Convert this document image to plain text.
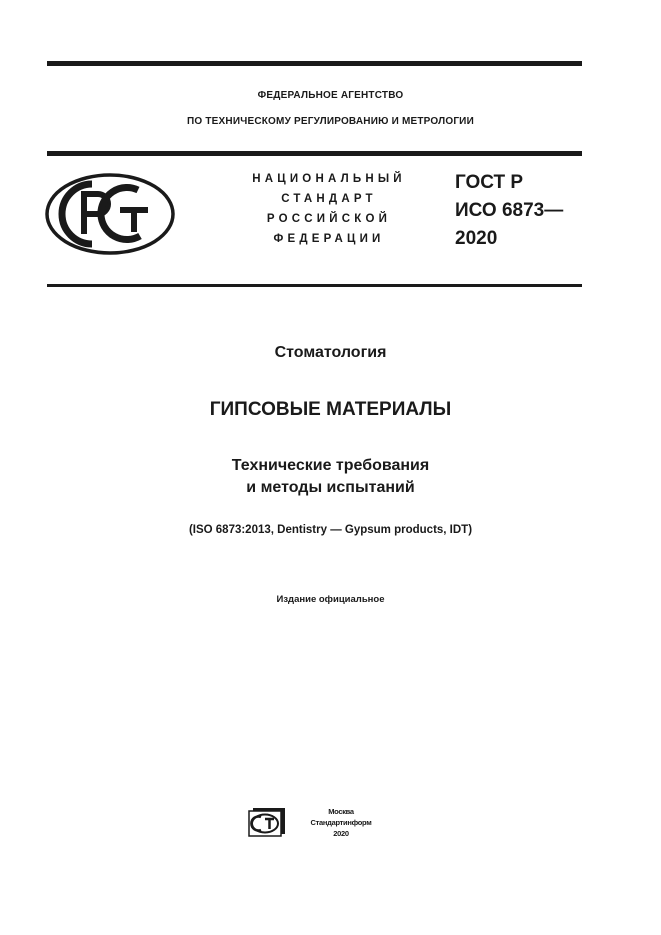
ФЕДЕРАЛЬНОЕ АГЕНТСТВО
ПО ТЕХНИЧЕСКОМУ РЕГУЛИРОВАНИЮ И МЕТРОЛОГИИ
НАЦИОНАЛЬНЫЙ
СТАНДАРТ
РОССИЙСКОЙ
ФЕДЕРАЦИИ
ГОСТ Р
ИСО 6873—
2020
Стоматология
ГИПСОВЫЕ МАТЕРИАЛЫ
Технические требования
и методы испытаний
(ISO 6873:2013, Dentistry — Gypsum products, IDT)
Издание официальное
Москва
Стандартинформ
2020
